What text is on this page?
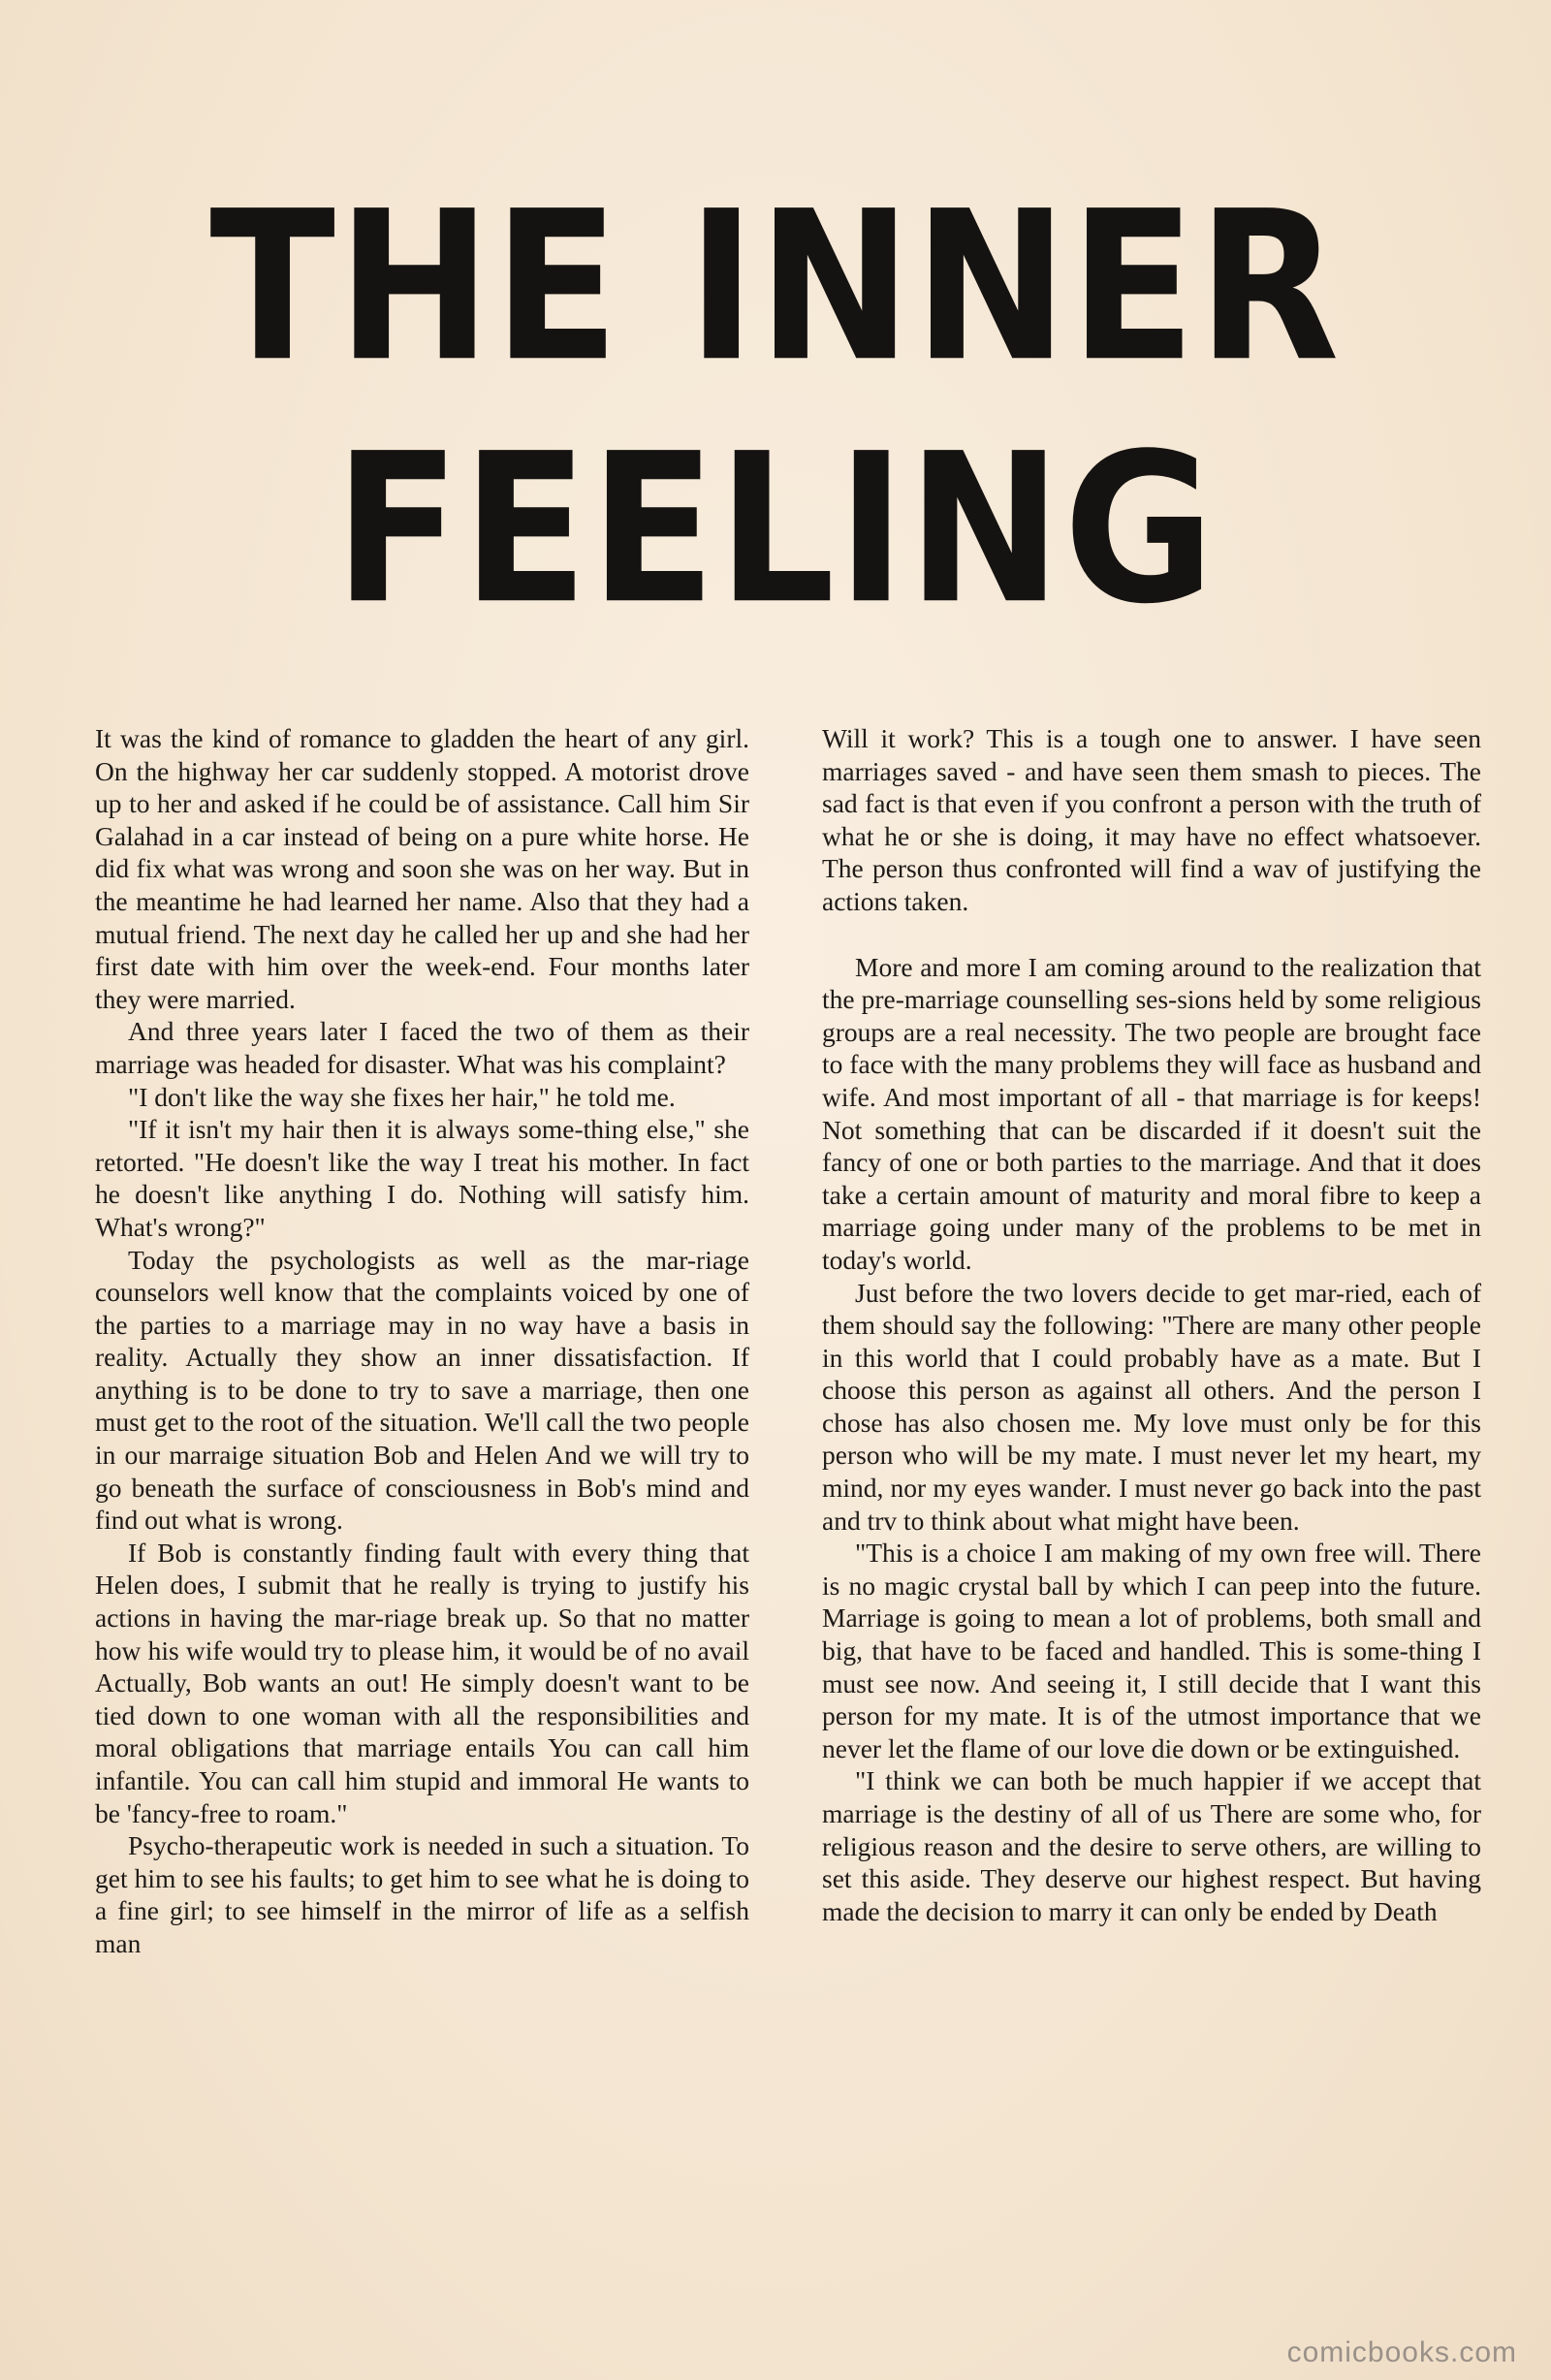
THE INNER
FEELING

It was the kind of romance to gladden the heart of any girl. On the highway her car suddenly stopped. A motorist drove up to her and asked if he could be of assistance. Call him Sir Galahad in a car instead of being on a pure white horse. He did fix what was wrong and soon she was on her way. But in the meantime he had learned her name. Also that they had a mutual friend. The next day he called her up and she had her first date with him over the week-end. Four months later they were married.

And three years later I faced the two of them as their marriage was headed for disaster. What was his complaint?

"I don't like the way she fixes her hair," he told me.

"If it isn't my hair then it is always some-thing else," she retorted. "He doesn't like the way I treat his mother. In fact he doesn't like anything I do. Nothing will satisfy him. What's wrong?"

Today the psychologists as well as the mar-riage counselors well know that the complaints voiced by one of the parties to a marriage may in no way have a basis in reality. Actually they show an inner dissatisfaction. If anything is to be done to try to save a marriage, then one must get to the root of the situation. We'll call the two people in our marraige situation Bob and Helen And we will try to go beneath the surface of consciousness in Bob's mind and find out what is wrong.

If Bob is constantly finding fault with every thing that Helen does, I submit that he really is trying to justify his actions in having the mar-riage break up. So that no matter how his wife would try to please him, it would be of no avail Actually, Bob wants an out! He simply doesn't want to be tied down to one woman with all the responsibilities and moral obligations that marriage entails You can call him infantile. You can call him stupid and immoral He wants to be 'fancy-free to roam."

Psycho-therapeutic work is needed in such a situation. To get him to see his faults; to get him to see what he is doing to a fine girl; to see himself in the mirror of life as a selfish man

Will it work? This is a tough one to answer. I have seen marriages saved - and have seen them smash to pieces. The sad fact is that even if you confront a person with the truth of what he or she is doing, it may have no effect whatsoever. The person thus confronted will find a wav of justifying the actions taken.

More and more I am coming around to the realization that the pre-marriage counselling ses-sions held by some religious groups are a real necessity. The two people are brought face to face with the many problems they will face as husband and wife. And most important of all - that marriage is for keeps! Not something that can be discarded if it doesn't suit the fancy of one or both parties to the marriage. And that it does take a certain amount of maturity and moral fibre to keep a marriage going under many of the problems to be met in today's world.

Just before the two lovers decide to get mar-ried, each of them should say the following: "There are many other people in this world that I could probably have as a mate. But I choose this person as against all others. And the person I chose has also chosen me. My love must only be for this person who will be my mate. I must never let my heart, my mind, nor my eyes wander. I must never go back into the past and trv to think about what might have been.

"This is a choice I am making of my own free will. There is no magic crystal ball by which I can peep into the future. Marriage is going to mean a lot of problems, both small and big, that have to be faced and handled. This is some-thing I must see now. And seeing it, I still decide that I want this person for my mate. It is of the utmost importance that we never let the flame of our love die down or be extinguished.

"I think we can both be much happier if we accept that marriage is the destiny of all of us There are some who, for religious reason and the desire to serve others, are willing to set this aside. They deserve our highest respect. But having made the decision to marry it can only be ended by Death

comicbooks.com
